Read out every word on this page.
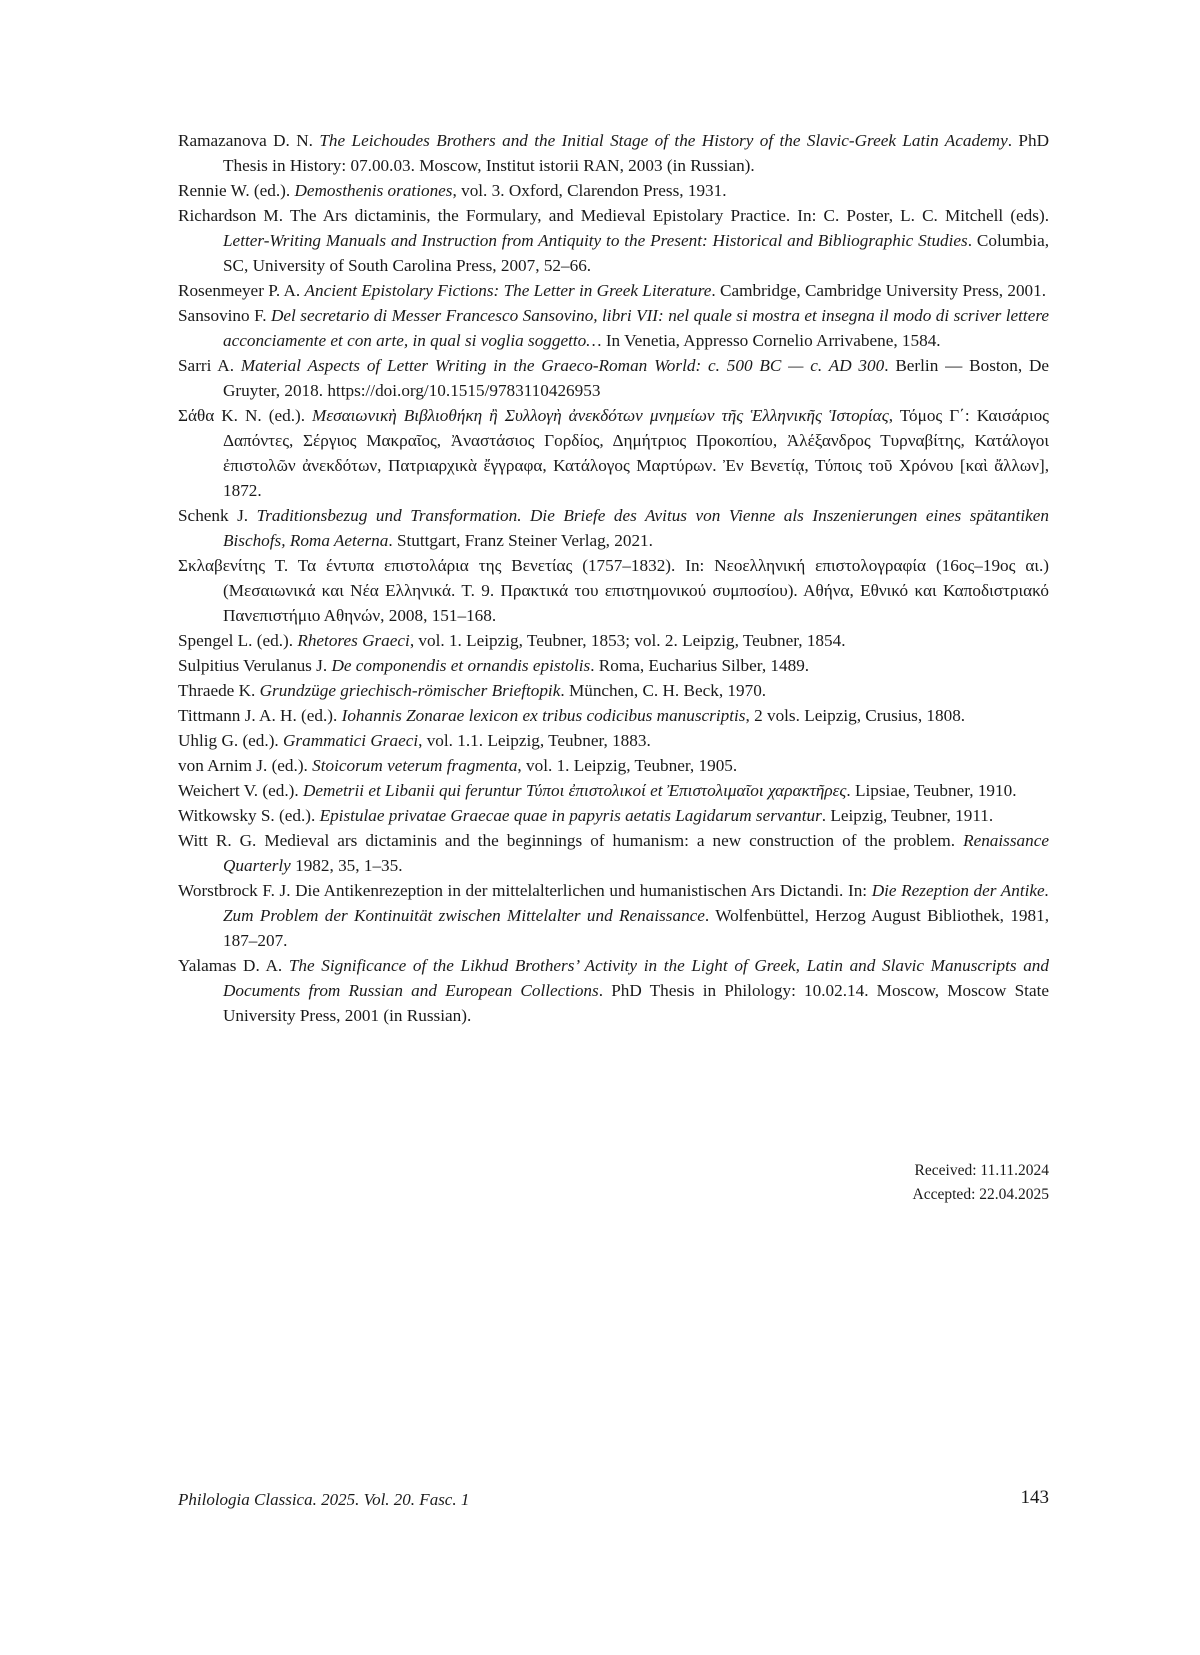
Ramazanova D. N. The Leichoudes Brothers and the Initial Stage of the History of the Slavic-Greek Latin Academy. PhD Thesis in History: 07.00.03. Moscow, Institut istorii RAN, 2003 (in Russian).

Rennie W. (ed.). Demosthenis orationes, vol. 3. Oxford, Clarendon Press, 1931.

Richardson M. The Ars dictaminis, the Formulary, and Medieval Epistolary Practice. In: C. Poster, L. C. Mitchell (eds). Letter-Writing Manuals and Instruction from Antiquity to the Present: Historical and Bibliographic Studies. Columbia, SC, University of South Carolina Press, 2007, 52–66.

Rosenmeyer P. A. Ancient Epistolary Fictions: The Letter in Greek Literature. Cambridge, Cambridge University Press, 2001.

Sansovino F. Del secretario di Messer Francesco Sansovino, libri VII: nel quale si mostra et insegna il modo di scriver lettere acconciamente et con arte, in qual si voglia soggetto… In Venetia, Appresso Cornelio Arrivabene, 1584.

Sarri A. Material Aspects of Letter Writing in the Graeco-Roman World: c. 500 BC — c. AD 300. Berlin — Boston, De Gruyter, 2018. https://doi.org/10.1515/9783110426953

Σάθα K. N. (ed.). Μεσαιωνικὴ Βιβλιοθήκη ἢ Συλλογὴ ἀνεκδότων μνημείων τῆς Ἑλληνικῆς Ἱστορίας, Τόμος Γ΄: Καισάριος Δαπόντες, Σέργιος Μακραῖος, Ἀναστάσιος Γορδίος, Δημήτριος Προκοπίου, Ἀλέξανδρος Τυρναβίτης, Κατάλογοι ἐπιστολῶν ἀνεκδότων, Πατριαρχικὰ ἔγγραφα, Κατάλογος Μαρτύρων. Ἐν Βενετίᾳ, Τύποις τοῦ Χρόνου [καὶ ἄλλων], 1872.

Schenk J. Traditionsbezug und Transformation. Die Briefe des Avitus von Vienne als Inszenierungen eines spätantiken Bischofs, Roma Aeterna. Stuttgart, Franz Steiner Verlag, 2021.

Σκλαβενίτης Τ. Τα έντυπα επιστολάρια της Βενετίας (1757–1832). In: Νεοελληνική επιστολογραφία (16ος–19ος αι.) (Μεσαιωνικά και Νέα Ελληνικά. Τ. 9. Πρακτικά του επιστημονικού συμποσίου). Αθήνα, Εθνικό και Καποδιστριακό Πανεπιστήμιο Αθηνών, 2008, 151–168.

Spengel L. (ed.). Rhetores Graeci, vol. 1. Leipzig, Teubner, 1853; vol. 2. Leipzig, Teubner, 1854.

Sulpitius Verulanus J. De componendis et ornandis epistolis. Roma, Eucharius Silber, 1489.

Thraede K. Grundzüge griechisch-römischer Brieftopik. München, C. H. Beck, 1970.

Tittmann J. A. H. (ed.). Iohannis Zonarae lexicon ex tribus codicibus manuscriptis, 2 vols. Leipzig, Crusius, 1808.

Uhlig G. (ed.). Grammatici Graeci, vol. 1.1. Leipzig, Teubner, 1883.

von Arnim J. (ed.). Stoicorum veterum fragmenta, vol. 1. Leipzig, Teubner, 1905.

Weichert V. (ed.). Demetrii et Libanii qui feruntur Τύποι ἐπιστολικοί et Ἐπιστολιμαῖοι χαρακτῆρες. Lipsiae, Teubner, 1910.

Witkowsky S. (ed.). Epistulae privatae Graecae quae in papyris aetatis Lagidarum servantur. Leipzig, Teubner, 1911.

Witt R. G. Medieval ars dictaminis and the beginnings of humanism: a new construction of the problem. Renaissance Quarterly 1982, 35, 1–35.

Worstbrock F. J. Die Antikenrezeption in der mittelalterlichen und humanistischen Ars Dictandi. In: Die Rezeption der Antike. Zum Problem der Kontinuität zwischen Mittelalter und Renaissance. Wolfenbüttel, Herzog August Bibliothek, 1981, 187–207.

Yalamas D. A. The Significance of the Likhud Brothers’ Activity in the Light of Greek, Latin and Slavic Manuscripts and Documents from Russian and European Collections. PhD Thesis in Philology: 10.02.14. Moscow, Moscow State University Press, 2001 (in Russian).

Received: 11.11.2024
Accepted: 22.04.2025
Philologia Classica. 2025. Vol. 20. Fasc. 1	143
